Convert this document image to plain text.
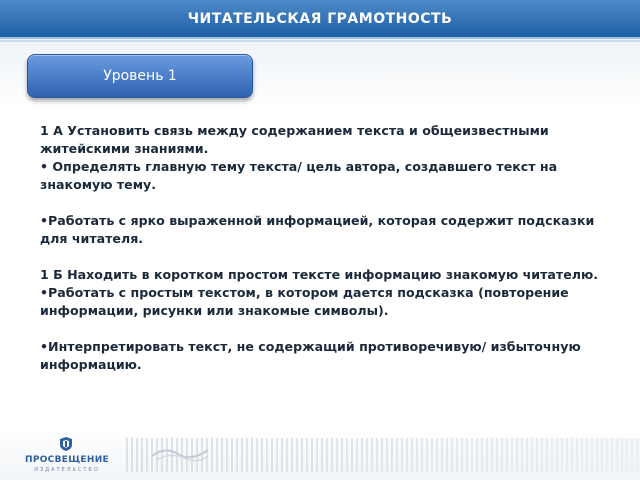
ЧИТАТЕЛЬСКАЯ ГРАМОТНОСТЬ
Уровень 1

1 А Установить связь между содержанием текста и общеизвестными житейскими знаниями.

• Определять главную тему текста/ цель автора, создавшего текст на знакомую тему.

•Работать с ярко выраженной информацией, которая содержит подсказки для читателя.

1 Б Находить в коротком простом тексте информацию знакомую читателю.

•Работать с простым текстом, в котором дается подсказка (повторение информации, рисунки или знакомые символы).

•Интерпретировать текст, не содержащий противоречивую/ избыточную информацию.

ПРОСВЕЩЕНИЕ
ИЗДАТЕЛЬСТВО
